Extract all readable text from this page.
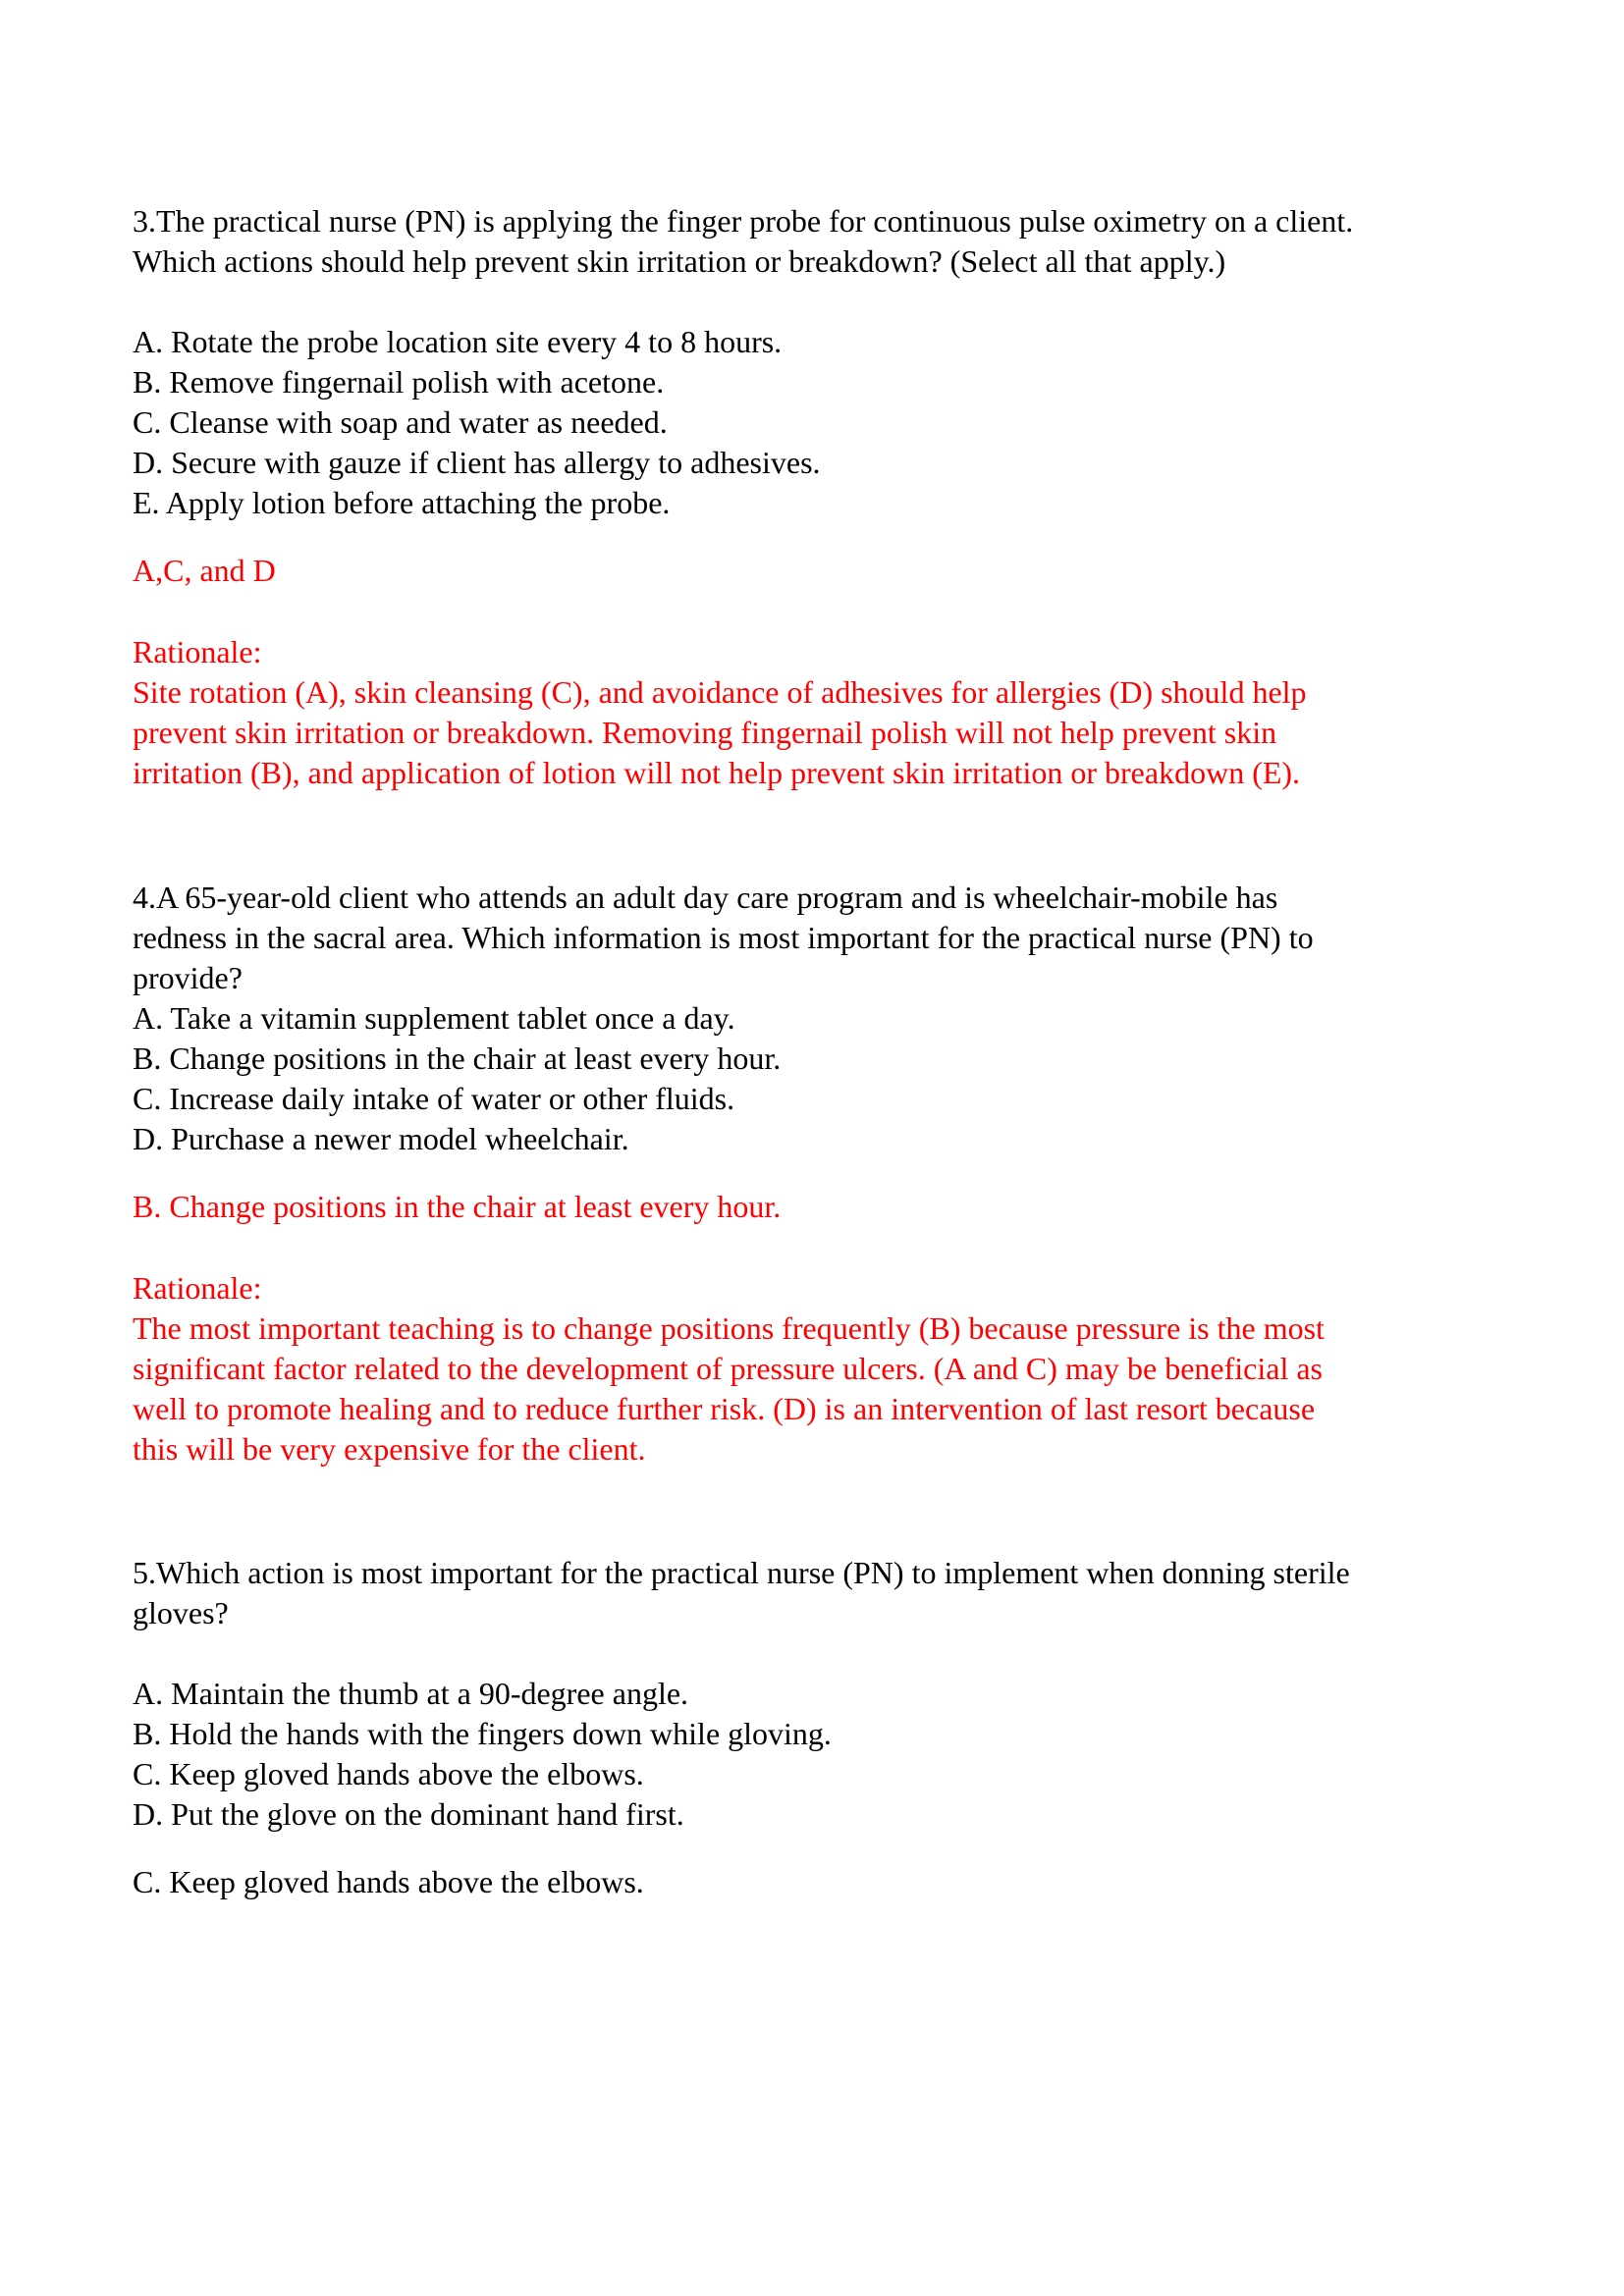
3.The practical nurse (PN) is applying the finger probe for continuous pulse oximetry on a client.

Which actions should help prevent skin irritation or breakdown? (Select all that apply.)

A. Rotate the probe location site every 4 to 8 hours.

B. Remove fingernail polish with acetone.

C. Cleanse with soap and water as needed.

D. Secure with gauze if client has allergy to adhesives.

E. Apply lotion before attaching the probe.

A,C, and D

Rationale:

Site rotation (A), skin cleansing (C), and avoidance of adhesives for allergies (D) should help

prevent skin irritation or breakdown. Removing fingernail polish will not help prevent skin

irritation (B), and application of lotion will not help prevent skin irritation or breakdown (E).

4.A 65-year-old client who attends an adult day care program and is wheelchair-mobile has

redness in the sacral area. Which information is most important for the practical nurse (PN) to

provide?

A. Take a vitamin supplement tablet once a day.

B. Change positions in the chair at least every hour.

C. Increase daily intake of water or other fluids.

D. Purchase a newer model wheelchair.

B. Change positions in the chair at least every hour.

Rationale:

The most important teaching is to change positions frequently (B) because pressure is the most

significant factor related to the development of pressure ulcers. (A and C) may be beneficial as

well to promote healing and to reduce further risk. (D) is an intervention of last resort because

this will be very expensive for the client.

5.Which action is most important for the practical nurse (PN) to implement when donning sterile

gloves?

A. Maintain the thumb at a 90-degree angle.

B. Hold the hands with the fingers down while gloving.

C. Keep gloved hands above the elbows.

D. Put the glove on the dominant hand first.

C. Keep gloved hands above the elbows.
